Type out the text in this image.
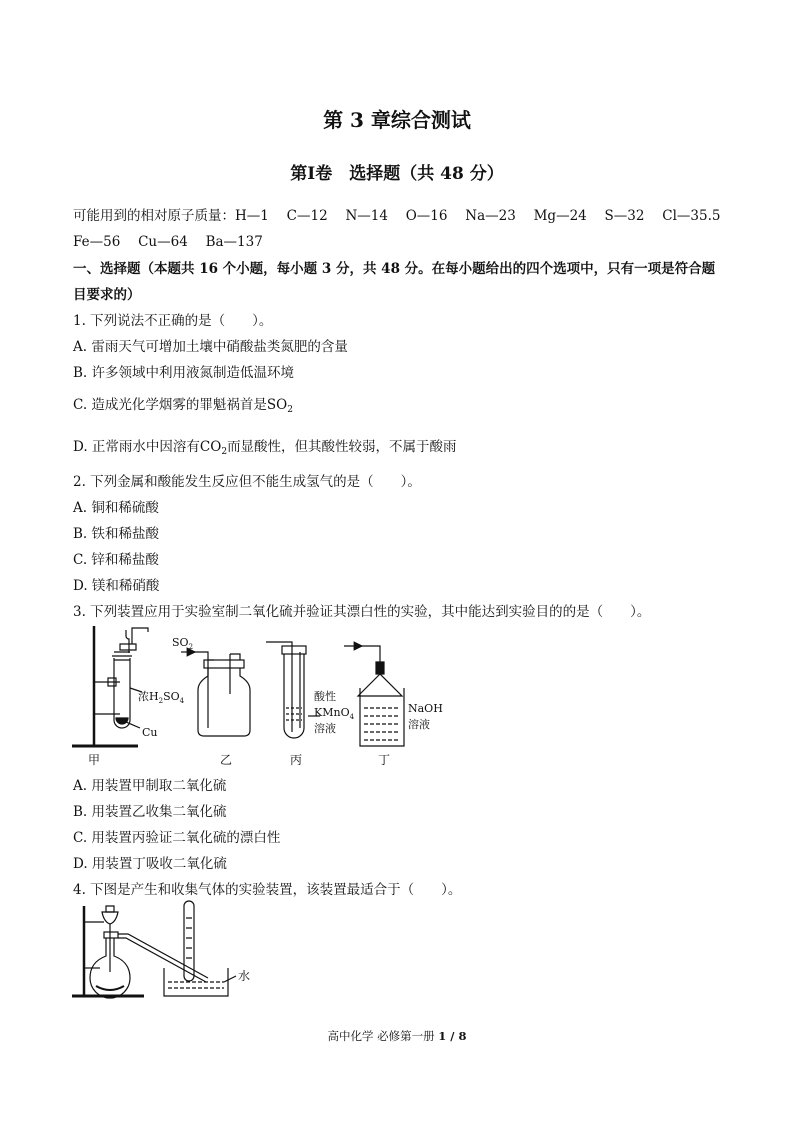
第 3 章综合测试
第Ⅰ卷　选择题（共 48 分）
可能用到的相对原子质量：H—1　 C—12　 N—14　 O—16　 Na—23　 Mg—24　 S—32　 Cl—35.5
Fe—56　 Cu—64　 Ba—137
一、选择题（本题共 16 个小题，每小题 3 分，共 48 分。在每小题给出的四个选项中，只有一项是符合题
目要求的）
1. 下列说法不正确的是（　　）。
A. 雷雨天气可增加土壤中硝酸盐类氮肥的含量
B. 许多领域中利用液氮制造低温环境
C. 造成光化学烟雾的罪魁祸首是$SO_2$
D. 正常雨水中因溶有$CO_2$而显酸性，但其酸性较弱，不属于酸雨
2. 下列金属和酸能发生反应但不能生成氢气的是（　　）。
A. 铜和稀硫酸
B. 铁和稀盐酸
C. 锌和稀盐酸
D. 镁和稀硝酸
3. 下列装置应用于实验室制二氧化硫并验证其漂白性的实验，其中能达到实验目的的是（　　）。
浓$H_2SO_4$
Cu
$SO_2$
酸性
KMnO$_4$
溶液
NaOH
溶液
甲	乙	丙	丁
A. 用装置甲制取二氧化硫
B. 用装置乙收集二氧化硫
C. 用装置丙验证二氧化硫的漂白性
D. 用装置丁吸收二氧化硫
4. 下图是产生和收集气体的实验装置，该装置最适合于（　　）。
水
高中化学 必修第一册 1 / 8
